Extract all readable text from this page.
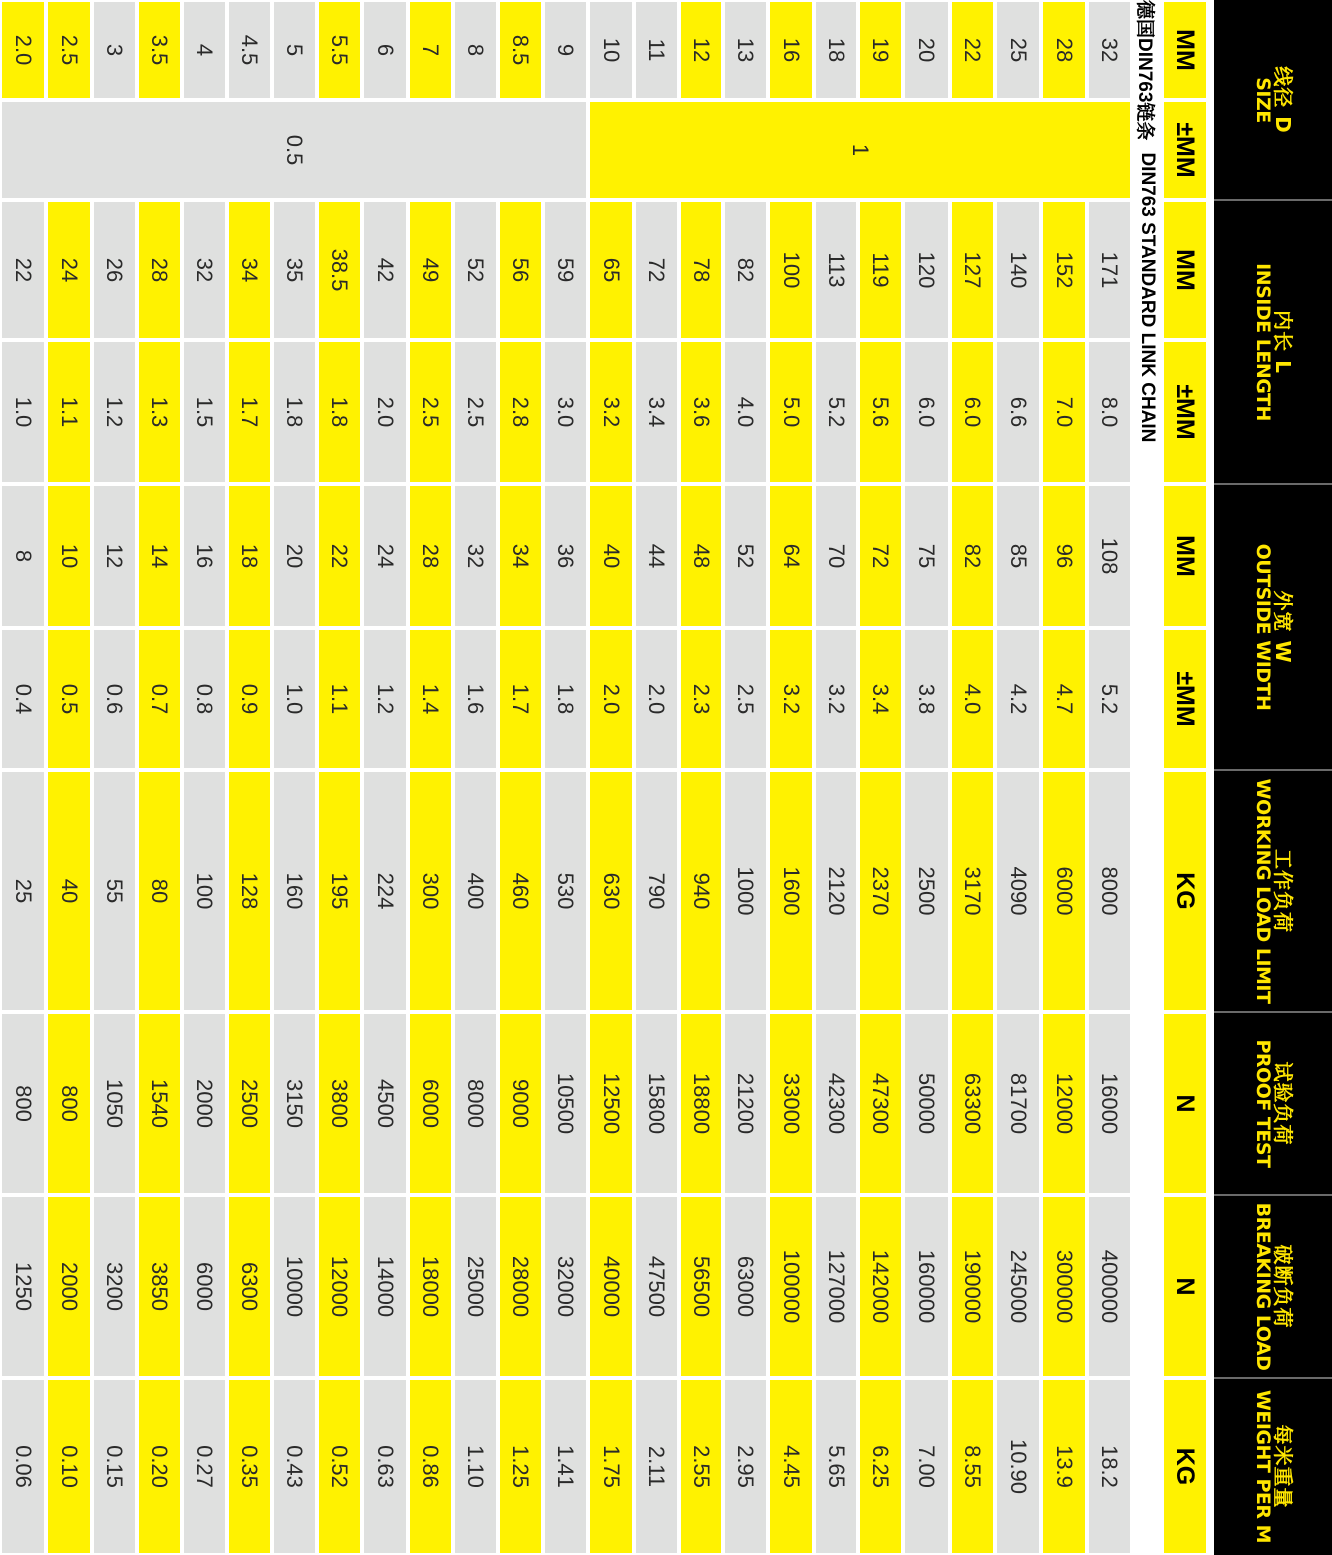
线径 D
SIZE
内长 L
INSIDE LENGTH
外宽 W
OUTSIDE WIDTH
工作负荷
WORKING LOAD LIMIT
试验负荷
PROOF TEST
破断负荷
BREAKING LOAD
每米重量
WEIGHT PER M
德国DIN763链条
DIN763 STANDARD LINK CHAIN
MM
±MM
MM
±MM
MM
±MM
KG
N
N
KG
2.0
22
1.0
8
0.4
25
800
1250
0.06
2.5
24
1.1
10
0.5
40
800
2000
0.10
3
26
1.2
12
0.6
55
1050
3200
0.15
3.5
28
1.3
14
0.7
80
1540
3850
0.20
4
32
1.5
16
0.8
100
2000
6000
0.27
4.5
34
1.7
18
0.9
128
2500
6300
0.35
5
35
1.8
20
1.0
160
3150
10000
0.43
5.5
38.5
1.8
22
1.1
195
3800
12000
0.52
6
42
2.0
24
1.2
224
4500
14000
0.63
7
49
2.5
28
1.4
300
6000
18000
0.86
8
52
2.5
32
1.6
400
8000
25000
1.10
8.5
56
2.8
34
1.7
460
9000
28000
1.25
9
59
3.0
36
1.8
530
10500
32000
1.41
10
65
3.2
40
2.0
630
12500
40000
1.75
11
72
3.4
44
2.0
790
15800
47500
2.11
12
78
3.6
48
2.3
940
18800
56500
2.55
13
82
4.0
52
2.5
1000
21200
63000
2.95
16
100
5.0
64
3.2
1600
33000
100000
4.45
18
113
5.2
70
3.2
2120
42300
127000
5.65
19
119
5.6
72
3.4
2370
47300
142000
6.25
20
120
6.0
75
3.8
2500
50000
160000
7.00
22
127
6.0
82
4.0
3170
63300
190000
8.55
25
140
6.6
85
4.2
4090
81700
245000
10.90
28
152
7.0
96
4.7
6000
12000
300000
13.9
32
171
8.0
108
5.2
8000
16000
400000
18.2
0.5	1
